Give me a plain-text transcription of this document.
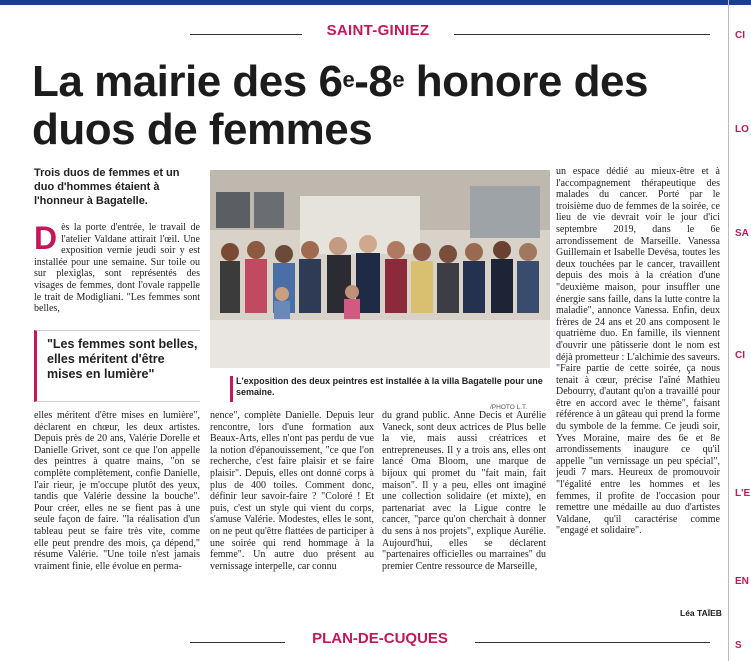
SAINT-GINIEZ
La mairie des 6e-8e honore des duos de femmes
Trois duos de femmes et un duo d'hommes étaient à l'honneur à Bagatelle.
Dès la porte d'entrée, le travail de l'atelier Valdane attirait l'œil. Une exposition vernie jeudi soir y est installée pour une semaine. Sur toile ou sur plexiglas, sont représentés des visages de femmes, dont l'ovale rappelle le trait de Modigliani. "Les femmes sont belles,
"Les femmes sont belles, elles méritent d'être mises en lumière"
elles méritent d'être mises en lumière", déclarent en chœur, les deux artistes. Depuis près de 20 ans, Valérie Dorelle et Danielle Grivet, sont ce que l'on appelle des peintres à quatre mains, "on se complète complètement, confie Danielle, l'air rieur, je m'occupe plutôt des yeux, tandis que Valérie dessine la bouche". Pour créer, elles ne se fient pas à une seule façon de faire. "la réalisation d'un tableau peut se faire très vite, comme elle peut prendre des mois, ça dépend," résume Valérie. "Une toile n'est jamais vraiment finie, elle évolue en perma-
L'exposition des deux peintres est installée à la villa Bagatelle pour une semaine.
/PHOTO L.T.
nence", complète Danielle. Depuis leur rencontre, lors d'une formation aux Beaux-Arts, elles n'ont pas perdu de vue la notion d'épanouissement, "ce que l'on recherche, c'est faire plaisir et se faire plaisir". Depuis, elles ont donné corps à plus de 400 toiles. Comment donc, définir leur savoir-faire ? "Coloré ! Et puis, c'est un style qui vient du corps, s'amuse Valérie. Modestes, elles le sont, on ne peut qu'être flattées de participer à une soirée qui rend hommage à la femme". Un autre duo présent au vernissage interpelle, car connu
du grand public. Anne Decis et Aurélie Vaneck, sont deux actrices de Plus belle la vie, mais aussi créatrices et entrepreneuses. Il y a trois ans, elles ont lancé Oma Bloom, une marque de bijoux qui promet du "fait main, fait maison". Il y a peu, elles ont imaginé une collection solidaire (et mixte), en partenariat avec la Ligue contre le cancer, "parce qu'on cherchait à donner du sens à nos projets", explique Aurélie. Aujourd'hui, elles se déclarent "partenaires officielles ou marraines" du premier Centre ressource de Marseille,
un espace dédié au mieux-être et à l'accompagnement thérapeutique des malades du cancer. Porté par le troisième duo de femmes de la soirée, ce lieu de vie devrait voir le jour d'ici septembre 2019, dans le 6e arrondissement de Marseille. Vanessa Guillemain et Isabelle Devésa, toutes les deux touchées par le cancer, travaillent depuis des mois à la création d'une "deuxième maison, pour insuffler une énergie sans faille, dans la lutte contre la maladie", annonce Vanessa. Enfin, deux frères de 24 ans et 20 ans composent le quatrième duo. En famille, ils viennent d'ouvrir une pâtisserie dont le nom est déjà prometteur : L'alchimie des saveurs. "Faire partie de cette soirée, ça nous tenait à cœur, précise l'aîné Mathieu Debourry, d'autant qu'on a travaillé pour être en accord avec le thème", faisant référence à un gâteau qui prend la forme du symbole de la femme. Ce jeudi soir, Yves Moraine, maire des 6e et 8e arrondissements inaugure ce qu'il appelle "un vernissage un peu spécial", jeudi 7 mars. Heureux de promouvoir "l'égalité entre les hommes et les femmes, il profite de l'occasion pour remettre une médaille au duo d'artistes Valdane, qu'il caractérise comme "engagé et solidaire".
Léa TAÏEB
PLAN-DE-CUQUES
CI
LO
SA
CI
L'E
EN
S
